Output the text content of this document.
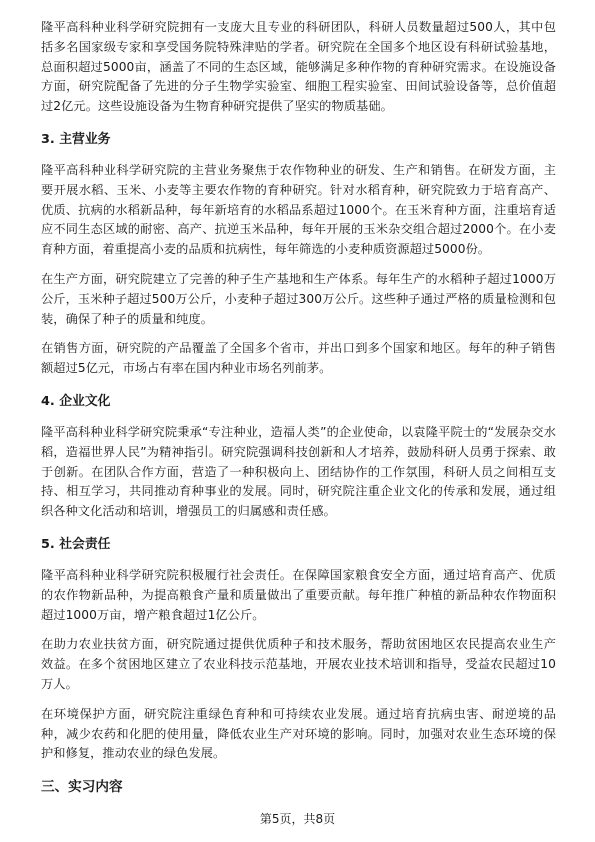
隆平高科种业科学研究院拥有一支庞大且专业的科研团队，科研人员数量超过500人，其中包括多名国家级专家和享受国务院特殊津贴的学者。研究院在全国多个地区设有科研试验基地，总面积超过5000亩，涵盖了不同的生态区域，能够满足多种作物的育种研究需求。在设施设备方面，研究院配备了先进的分子生物学实验室、细胞工程实验室、田间试验设备等，总价值超过2亿元。这些设施设备为生物育种研究提供了坚实的物质基础。

3. 主营业务

隆平高科种业科学研究院的主营业务聚焦于农作物种业的研发、生产和销售。在研发方面，主要开展水稻、玉米、小麦等主要农作物的育种研究。针对水稻育种，研究院致力于培育高产、优质、抗病的水稻新品种，每年新培育的水稻品系超过1000个。在玉米育种方面，注重培育适应不同生态区域的耐密、高产、抗逆玉米品种，每年开展的玉米杂交组合超过2000个。在小麦育种方面，着重提高小麦的品质和抗病性，每年筛选的小麦种质资源超过5000份。

在生产方面，研究院建立了完善的种子生产基地和生产体系。每年生产的水稻种子超过1000万公斤，玉米种子超过500万公斤，小麦种子超过300万公斤。这些种子通过严格的质量检测和包装，确保了种子的质量和纯度。

在销售方面，研究院的产品覆盖了全国多个省市，并出口到多个国家和地区。每年的种子销售额超过5亿元，市场占有率在国内种业市场名列前茅。

4. 企业文化

隆平高科种业科学研究院秉承“专注种业，造福人类”的企业使命，以袁隆平院士的“发展杂交水稻，造福世界人民”为精神指引。研究院强调科技创新和人才培养，鼓励科研人员勇于探索、敢于创新。在团队合作方面，营造了一种积极向上、团结协作的工作氛围，科研人员之间相互支持、相互学习，共同推动育种事业的发展。同时，研究院注重企业文化的传承和发展，通过组织各种文化活动和培训，增强员工的归属感和责任感。

5. 社会责任

隆平高科种业科学研究院积极履行社会责任。在保障国家粮食安全方面，通过培育高产、优质的农作物新品种，为提高粮食产量和质量做出了重要贡献。每年推广种植的新品种农作物面积超过1000万亩，增产粮食超过1亿公斤。

在助力农业扶贫方面，研究院通过提供优质种子和技术服务，帮助贫困地区农民提高农业生产效益。在多个贫困地区建立了农业科技示范基地，开展农业技术培训和指导，受益农民超过10万人。

在环境保护方面，研究院注重绿色育种和可持续农业发展。通过培育抗病虫害、耐逆境的品种，减少农药和化肥的使用量，降低农业生产对环境的影响。同时，加强对农业生态环境的保护和修复，推动农业的绿色发展。

三、实习内容
第5页，共8页
